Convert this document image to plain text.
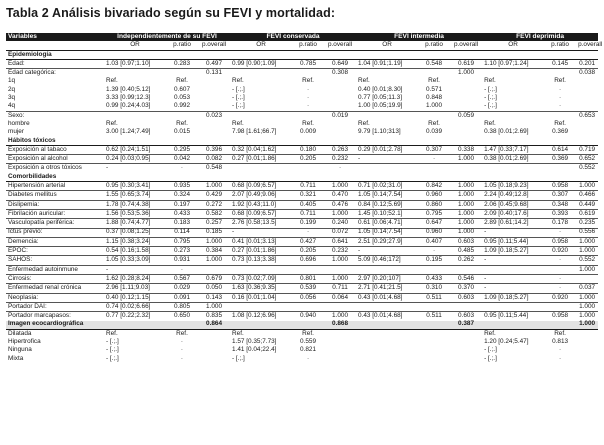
Tabla 2 Análisis bivariado según su FEVI y mortalidad:
Variables	Independientemente de su FEVI			FEVI conservada			FEVI intermedia			FEVI deprimida		
	OR	p.ratio	p.overall	OR	p.ratio	p.overall	OR	p.ratio	p.overall	OR	p.ratio	p.overall
Epidemiología												
Edad:	1.03 [0.97;1.10]	0.283	0.497	0.99 [0.90;1.09]	0.785	0.649	1.04 [0.91;1.19]	0.548	0.619	1.10 [0.97;1.24]	0.145	0.201
Edad categórica:			0.131			0.308			1.000			0.038
1q	Ref.	Ref.		Ref.	Ref.		Ref.	Ref.		Ref.	Ref.	
2q	1.39 [0.40;5.12]	0.607		- [.;.]	·		0.40 [0.01;8.30]	0.571		- [.;.]	·	
3q	3.33 [0.99;12.3]	0.053		- [.;.]	·		0.77 [0.05;11.3]	0.848		- [.;.]	·	
4q	0.99 [0.24;4.03]	0.992		- [.;.]	·		1.00 [0.05;19.9]	1.000		- [.;.]	·	
Sexo:			0.023			0.019			0.059			0.653
hombre	Ref.	Ref.		Ref.	Ref.		Ref.	Ref.		Ref.	Ref.	
mujer	3.00 [1.24;7.49]	0.015		7.98 [1.61;66.7]	0.009		9.79 [1.10;313]	0.039		0.38 [0.01;2.69]	0.369	
Hábitos tóxicos												
Exposición al tabaco	0.62 [0.24;1.51]	0.295	0.396	0.32 [0.04;1.62]	0.180	0.263	0.29 [0.01;2.78]	0.307	0.338	1.47 [0.33;7.17]	0.614	0.719
Exposición al alcohol	0.24 [0.03;0.95]	0.042	0.082	0.27 [0.01;1.86]	0.205	0.232	-	·	1.000	0.38 [0.01;2.69]	0.369	0.652
Exposición a otros tóxicos	-	·	0.548			·						0.552
Comorbilidades												
Hipertensión arterial	0.95 [0.30;3.41]	0.935	1.000	0.68 [0.09;6.57]	0.711	1.000	0.71 [0.02;31.0]	0.842	1.000	1.05 [0.18;9.23]	0.958	1.000
Diabetes mellitus	1.55 [0.65;3.74]	0.324	0.429	2.07 [0.49;9.06]	0.321	0.470	1.05 [0.14;7.54]	0.960	1.000	2.24 [0.49;12.8]	0.307	0.466
Dislipemia:	1.78 [0.74;4.38]	0.197	0.272	1.92 [0.43;11.0]	0.405	0.476	0.84 [0.12;5.69]	0.860	1.000	2.06 [0.45;9.68]	0.348	0.449
Fibrilación auricular:	1.56 [0.53;5.36]	0.433	0.582	0.68 [0.09;6.57]	0.711	1.000	1.45 [0.10;52.1]	0.795	1.000	2.09 [0.40;17.6]	0.393	0.619
Vasculopatía periférica:	1.88 [0.74;4.77]	0.183	0.257	2.76 [0.58;13.5]	0.199	0.240	0.61 [0.06;4.71]	0.647	1.000	2.89 [0.61;14.2]	0.178	0.235
Ictus previo:	0.37 [0.08;1.25]	0.114	0.185	-	·	0.072	1.05 [0.14;7.54]	0.960	1.000	-	·	0.556
Demencia:	1.15 [0.38;3.24]	0.795	1.000	0.41 [0.01;3.13]	0.427	0.641	2.51 [0.29;27.9]	0.407	0.603	0.95 [0.11;5.44]	0.958	1.000
EPOC:	0.54 [0.16;1.58]	0.273	0.384	0.27 [0.01;1.86]	0.205	0.232	-	·	0.485	1.09 [0.18;5.27]	0.920	1.000
SAHOS:	1.05 [0.33;3.09]	0.931	1.000	0.73 [0.13;3.38]	0.696	1.000	5.09 [0.46;172]	0.195	0.262	-	·	0.552
Enfermedad autoinmune	-	·										1.000
Cirrosis:	1.62 [0.28;8.24]	0.567	0.679	0.73 [0.02;7.09]	0.801	1.000	2.97 [0.20;107]	0.433	0.546	-	·	
Enfermedad renal crónica	2.96 [1.11;9.03]	0.029	0.050	1.63 [0.36;9.35]	0.539	0.711	2.71 [0.41;21.5]	0.310	0.370	-	·	0.037
Neoplasia:	0.40 [0.12;1.15]	0.091	0.143	0.16 [0.01;1.04]	0.056	0.064	0.43 [0.01;4.68]	0.511	0.603	1.09 [0.18;5.27]	0.920	1.000
Portador DAI:	0.74 [0.02;6.66]	0.805	1.000									1.000
Portador marcapasos:	0.77 [0.22;2.32]	0.650	0.835	1.08 [0.12;6.96]	0.940	1.000	0.43 [0.01;4.68]	0.511	0.603	0.95 [0.11;5.44]	0.958	1.000
Imagen ecocardiográfica			0.864			0.868			0.387			1.000
Dilatada	Ref.	Ref.		Ref.	Ref.					Ref.	Ref.	
Hipertrofica	- [.;.]	·		1.57 [0.35;7.73]	0.559					1.20 [0.24;5.47]	0.813	
Ninguna	- [.;.]	·		1.41 [0.04;22.4]	0.821					- [.;.]	·	
Mixta	- [.;.]	·		- [.;.]	·					- [.;.]	·	
